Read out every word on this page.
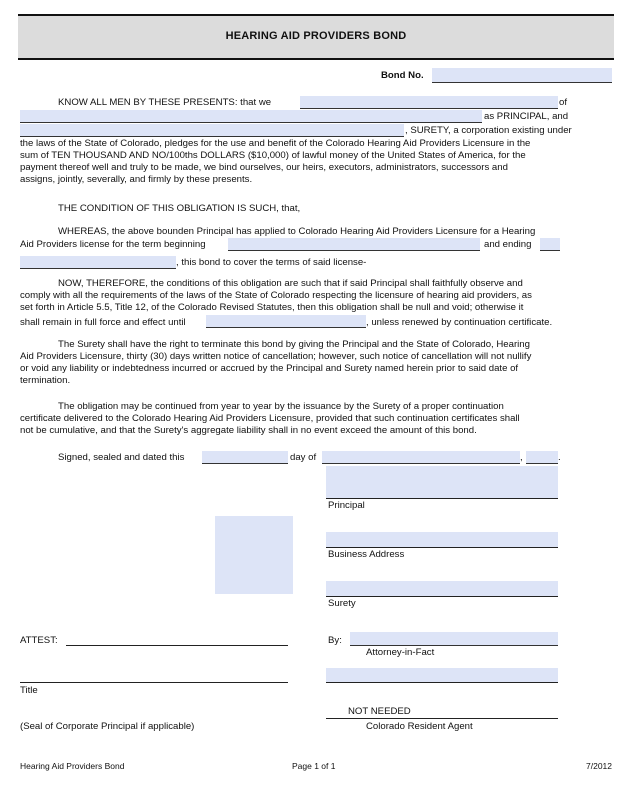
HEARING AID PROVIDERS BOND
Bond No.
KNOW ALL MEN BY THESE PRESENTS: that we	of
as PRINCIPAL, and
, SURETY, a corporation existing under
the laws of the State of Colorado, pledges for the use and benefit of the Colorado Hearing Aid Providers Licensure in the
sum of TEN THOUSAND AND NO/100ths DOLLARS ($10,000) of lawful money of the United States of America, for the
payment thereof well and truly to be made, we bind ourselves, our heirs, executors, administrators, successors and
assigns, jointly, severally, and firmly by these presents.
THE CONDITION OF THIS OBLIGATION IS SUCH, that,
WHEREAS, the above bounden Principal has applied to Colorado Hearing Aid Providers Licensure for a Hearing
Aid Providers license for the term beginning	and ending
, this bond to cover the terms of said license-
NOW, THEREFORE, the conditions of this obligation are such that if said Principal shall faithfully observe and
comply with all the requirements of the laws of the State of Colorado respecting the licensure of hearing aid providers, as
set forth in Article 5.5, Title 12, of the Colorado Revised Statutes, then this obligation shall be null and void; otherwise it
shall remain in full force and effect until	, unless renewed by continuation certificate.
The Surety shall have the right to terminate this bond by giving the Principal and the State of Colorado, Hearing
Aid Providers Licensure, thirty (30) days written notice of cancellation; however, such notice of cancellation will not nullify
or void any liability or indebtedness incurred or accrued by the Principal and Surety named herein prior to said date of
termination.
The obligation may be continued from year to year by the issuance by the Surety of a proper continuation
certificate delivered to the Colorado Hearing Aid Providers Licensure, provided that such continuation certificates shall
not be cumulative, and that the Surety's aggregate liability shall in no event exceed the amount of this bond.
Signed, sealed and dated this	day of	,	.
Principal
Business Address
Surety
ATTEST:	By:
Attorney-in-Fact
Title
NOT NEEDED
Colorado Resident Agent
(Seal of Corporate Principal if applicable)
Hearing Aid Providers Bond	Page 1 of 1	7/2012
